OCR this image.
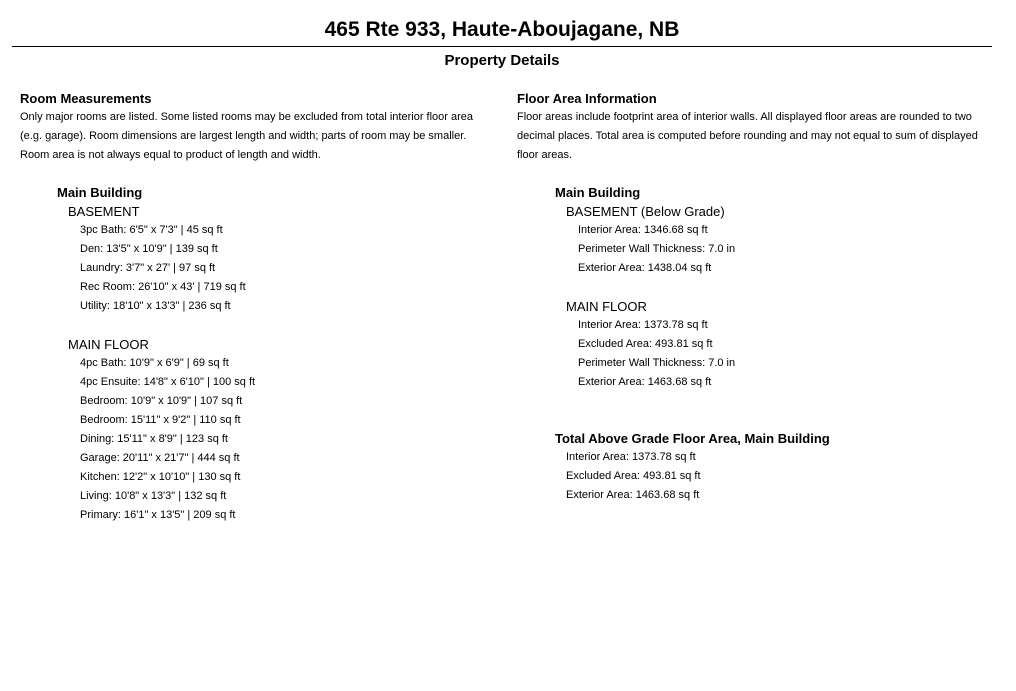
465 Rte 933, Haute-Aboujagane, NB
Property Details

Room Measurements

Only major rooms are listed. Some listed rooms may be excluded from total interior floor area (e.g. garage). Room dimensions are largest length and width; parts of room may be smaller. Room area is not always equal to product of length and width.

Main Building

BASEMENT

3pc Bath: 6'5" x 7'3" | 45 sq ft

Den: 13'5" x 10'9" | 139 sq ft

Laundry: 3'7" x 27' | 97 sq ft

Rec Room: 26'10" x 43' | 719 sq ft

Utility: 18'10" x 13'3" | 236 sq ft

MAIN FLOOR

4pc Bath: 10'9" x 6'9" | 69 sq ft

4pc Ensuite: 14'8" x 6'10" | 100 sq ft

Bedroom: 10'9" x 10'9" | 107 sq ft

Bedroom: 15'11" x 9'2" | 110 sq ft

Dining: 15'11" x 8'9" | 123 sq ft

Garage: 20'11" x 21'7" | 444 sq ft

Kitchen: 12'2" x 10'10" | 130 sq ft

Living: 10'8" x 13'3" | 132 sq ft

Primary: 16'1" x 13'5" | 209 sq ft

Floor Area Information

Floor areas include footprint area of interior walls. All displayed floor areas are rounded to two decimal places. Total area is computed before rounding and may not equal to sum of displayed floor areas.

Main Building

BASEMENT (Below Grade)

Interior Area: 1346.68 sq ft

Perimeter Wall Thickness: 7.0 in

Exterior Area: 1438.04 sq ft

MAIN FLOOR

Interior Area: 1373.78 sq ft

Excluded Area: 493.81 sq ft

Perimeter Wall Thickness: 7.0 in

Exterior Area: 1463.68 sq ft

Total Above Grade Floor Area, Main Building

Interior Area: 1373.78 sq ft

Excluded Area: 493.81 sq ft

Exterior Area: 1463.68 sq ft
